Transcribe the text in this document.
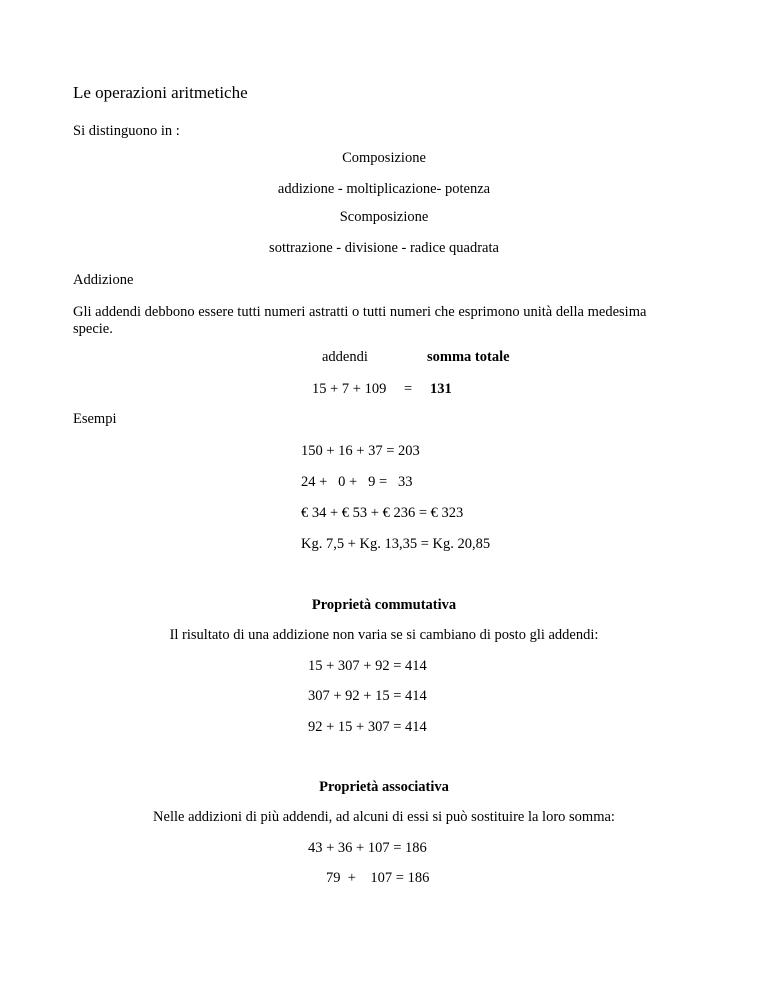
Le operazioni aritmetiche
Si distinguono in :
Composizione
addizione - moltiplicazione- potenza
Scomposizione
sottrazione - divisione - radice quadrata
Addizione
Gli addendi debbono essere tutti numeri astratti o tutti numeri che esprimono unità della medesima
specie.
addendi	somma totale
15 + 7 + 109 = 131
Esempi
150 + 16 + 37 = 203
24 +   0 +   9 =   33
€ 34 + € 53 + € 236 = € 323
Kg. 7,5 + Kg. 13,35 = Kg. 20,85
Proprietà commutativa
Il risultato di una addizione non varia se si cambiano di posto gli addendi:
15 + 307 + 92 = 414
307 + 92 + 15 = 414
92 + 15 + 307 = 414
Proprietà associativa
Nelle addizioni di più addendi, ad alcuni di essi si può sostituire la loro somma:
43 + 36 + 107 = 186
79  +    107 = 186
